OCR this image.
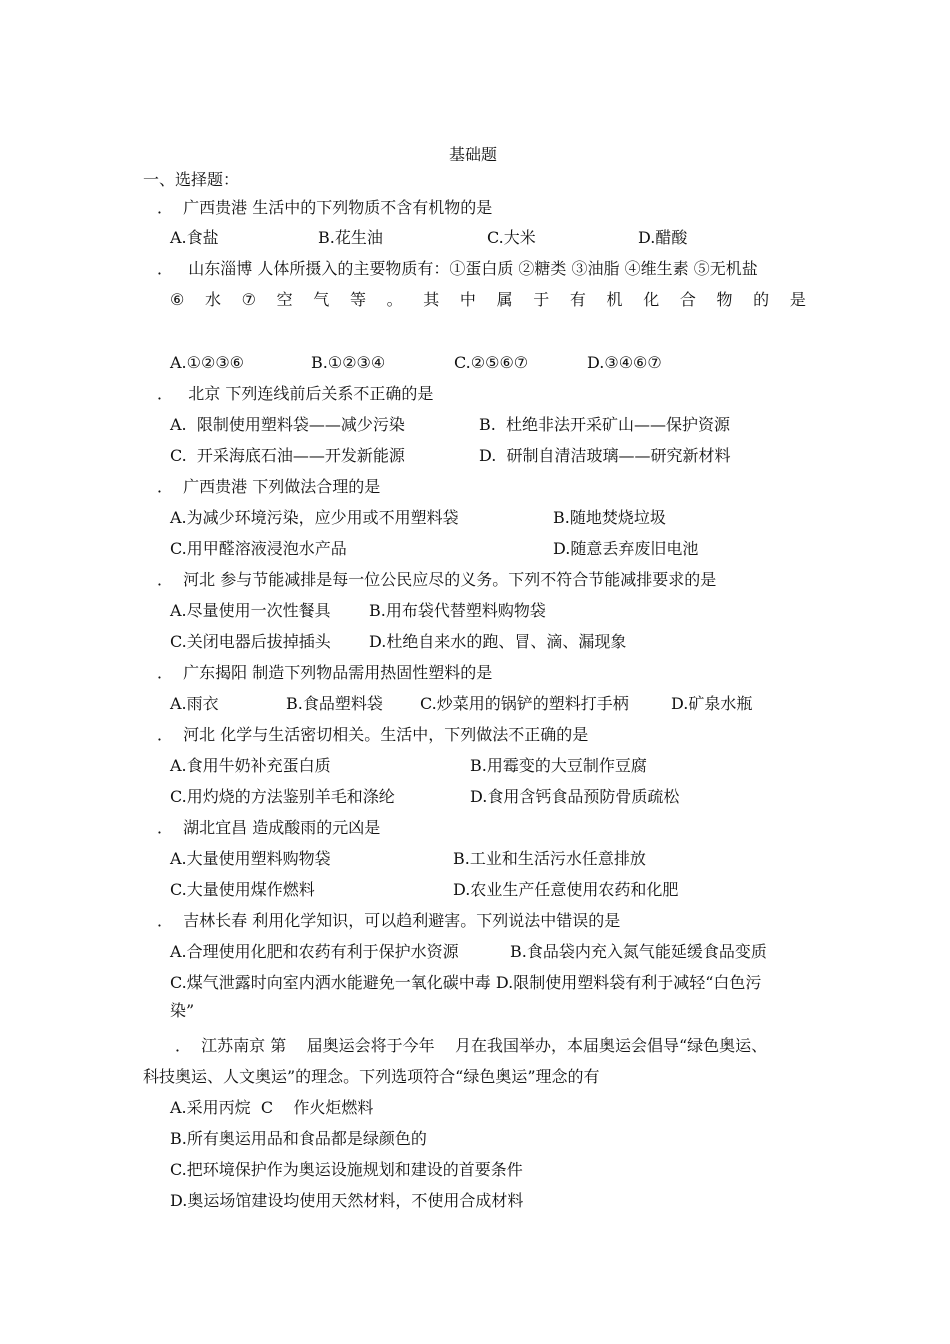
基础题
一、选择题：
．  广西贵港 生活中的下列物质不含有机物的是
A.食盐	B.花生油	C.大米	D.醋酸
．   山东淄博 人体所摄入的主要物质有：①蛋白质 ②糖类 ③油脂 ④维生素 ⑤无机盐
⑥ 水 ⑦ 空 气 等 。 其 中 属 于 有 机 化 合 物 的 是
A.①②③⑥	B.①②③④	C.②⑤⑥⑦	D.③④⑥⑦
．   北京 下列连线前后关系不正确的是
A.  限制使用塑料袋——减少污染	B.  杜绝非法开采矿山——保护资源
C.  开采海底石油——开发新能源	D.  研制自清洁玻璃——研究新材料
．  广西贵港 下列做法合理的是
A.为减少环境污染，应少用或不用塑料袋	B.随地焚烧垃圾
C.用甲醛溶液浸泡水产品	D.随意丢弃废旧电池
．  河北 参与节能减排是每一位公民应尽的义务。下列不符合节能减排要求的是
A.尽量使用一次性餐具 B.用布袋代替塑料购物袋
C.关闭电器后拔掉插头 D.杜绝自来水的跑、冒、滴、漏现象
．  广东揭阳 制造下列物品需用热固性塑料的是
A.雨衣	B.食品塑料袋 C.炒菜用的锅铲的塑料打手柄	D.矿泉水瓶
．  河北 化学与生活密切相关。生活中，下列做法不正确的是
A.食用牛奶补充蛋白质	B.用霉变的大豆制作豆腐
C.用灼烧的方法鉴别羊毛和涤纶	D.食用含钙食品预防骨质疏松
．  湖北宜昌 造成酸雨的元凶是
A.大量使用塑料购物袋	B.工业和生活污水任意排放
C.大量使用煤作燃料	D.农业生产任意使用农药和化肥
．  吉林长春 利用化学知识，可以趋利避害。下列说法中错误的是
A.合理使用化肥和农药有利于保护水资源	B.食品袋内充入氮气能延缓食品变质
C.煤气泄露时向室内洒水能避免一氧化碳中毒 D.限制使用塑料袋有利于减轻“白色污
染”
．  江苏南京 第    届奥运会将于今年    月在我国举办，本届奥运会倡导“绿色奥运、
科技奥运、人文奥运”的理念。下列选项符合“绿色奥运”理念的有
A.采用丙烷  C    作火炬燃料
B.所有奥运用品和食品都是绿颜色的
C.把环境保护作为奥运设施规划和建设的首要条件
D.奥运场馆建设均使用天然材料，不使用合成材料
